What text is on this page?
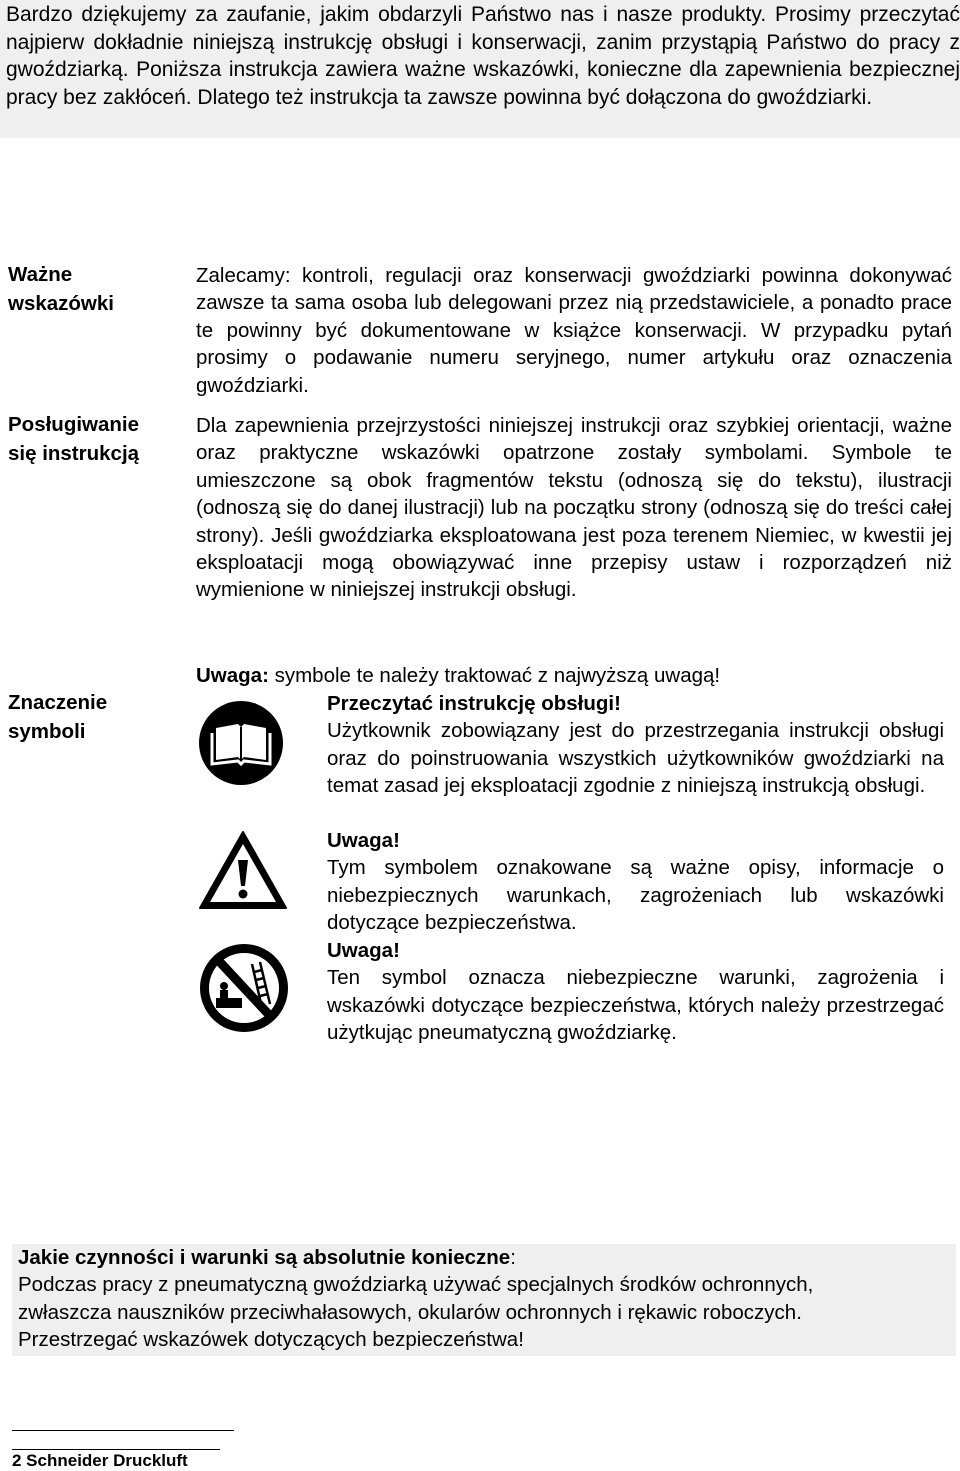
Bardzo dziękujemy za zaufanie, jakim obdarzyli Państwo nas i nasze produkty. Prosimy przeczytać najpierw dokładnie niniejszą instrukcję obsługi i konserwacji, zanim przystąpią Państwo do pracy z gwoździarką. Poniższa instrukcja zawiera ważne wskazówki, konieczne dla zapewnienia bezpiecznej pracy bez zakłóceń. Dlatego też instrukcja ta zawsze powinna być dołączona do gwoździarki.

Ważne
wskazówki

Zalecamy: kontroli, regulacji oraz konserwacji gwoździarki powinna dokonywać zawsze ta sama osoba lub delegowani przez nią przedstawiciele, a ponadto prace te powinny być dokumentowane w książce konserwacji. W przypadku pytań prosimy o podawanie numeru seryjnego, numer artykułu oraz oznaczenia gwoździarki.

Posługiwanie
się instrukcją

Dla zapewnienia przejrzystości niniejszej instrukcji oraz szybkiej orientacji, ważne oraz praktyczne wskazówki opatrzone zostały symbolami. Symbole te umieszczone są obok fragmentów tekstu (odnoszą się do tekstu), ilustracji (odnoszą się do danej ilustracji) lub na początku strony (odnoszą się do treści całej strony). Jeśli gwoździarka eksploatowana jest poza terenem Niemiec, w kwestii jej eksploatacji mogą obowiązywać inne przepisy ustaw i rozporządzeń niż wymienione w niniejszej instrukcji obsługi.

Znaczenie
symboli
Uwaga: symbole te należy traktować z najwyższą uwagą!

Przeczytać instrukcję obsługi!
Użytkownik zobowiązany jest do przestrzegania instrukcji obsługi oraz do poinstruowania wszystkich użytkowników gwoździarki na temat zasad jej eksploatacji zgodnie z niniejszą instrukcją obsługi.

Uwaga!
Tym symbolem oznakowane są ważne opisy, informacje o niebezpiecznych warunkach, zagrożeniach lub wskazówki dotyczące bezpieczeństwa.

Uwaga!
Ten symbol oznacza niebezpieczne warunki, zagrożenia i wskazówki dotyczące bezpieczeństwa, których należy przestrzegać użytkując pneumatyczną gwoździarkę.

Jakie czynności i warunki są absolutnie konieczne:
Podczas pracy z pneumatyczną gwoździarką używać specjalnych środków ochronnych,
zwłaszcza nauszników przeciwhałasowych, okularów ochronnych i rękawic roboczych.
Przestrzegać wskazówek dotyczących bezpieczeństwa!
2 Schneider Druckluft
